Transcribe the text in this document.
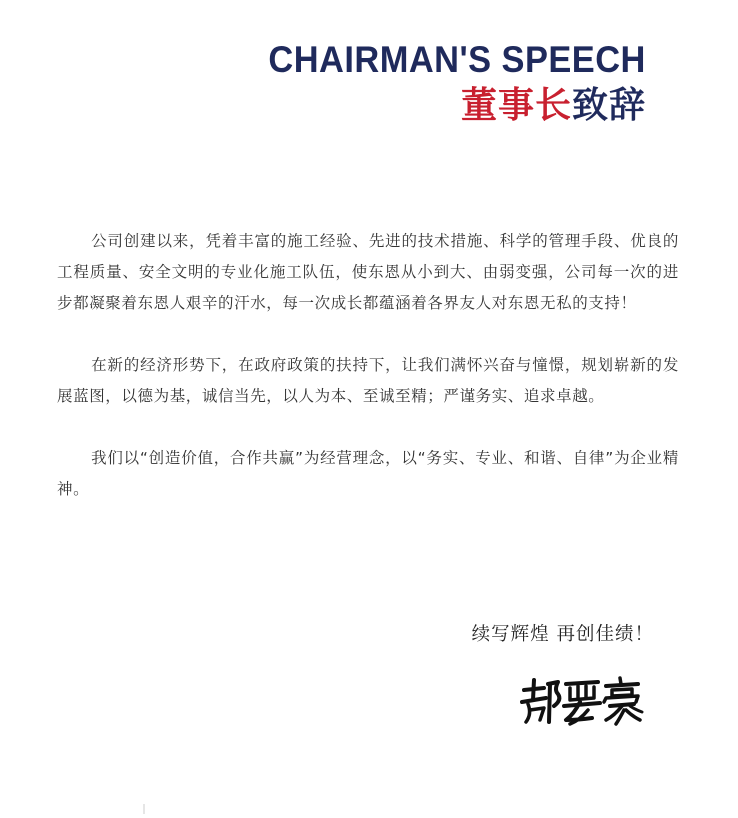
CHAIRMAN'S SPEECH
董事长致辞

公司创建以来，凭着丰富的施工经验、先进的技术措施、科学的管理手段、优良的工程质量、安全文明的专业化施工队伍，使东恩从小到大、由弱变强，公司每一次的进步都凝聚着东恩人艰辛的汗水，每一次成长都蕴涵着各界友人对东恩无私的支持！

在新的经济形势下，在政府政策的扶持下，让我们满怀兴奋与憧憬，规划崭新的发展蓝图，以德为基，诚信当先，以人为本、至诚至精；严谨务实、追求卓越。

我们以“创造价值，合作共赢”为经营理念，以“务实、专业、和谐、自律”为企业精神。

续写辉煌 再创佳绩！
